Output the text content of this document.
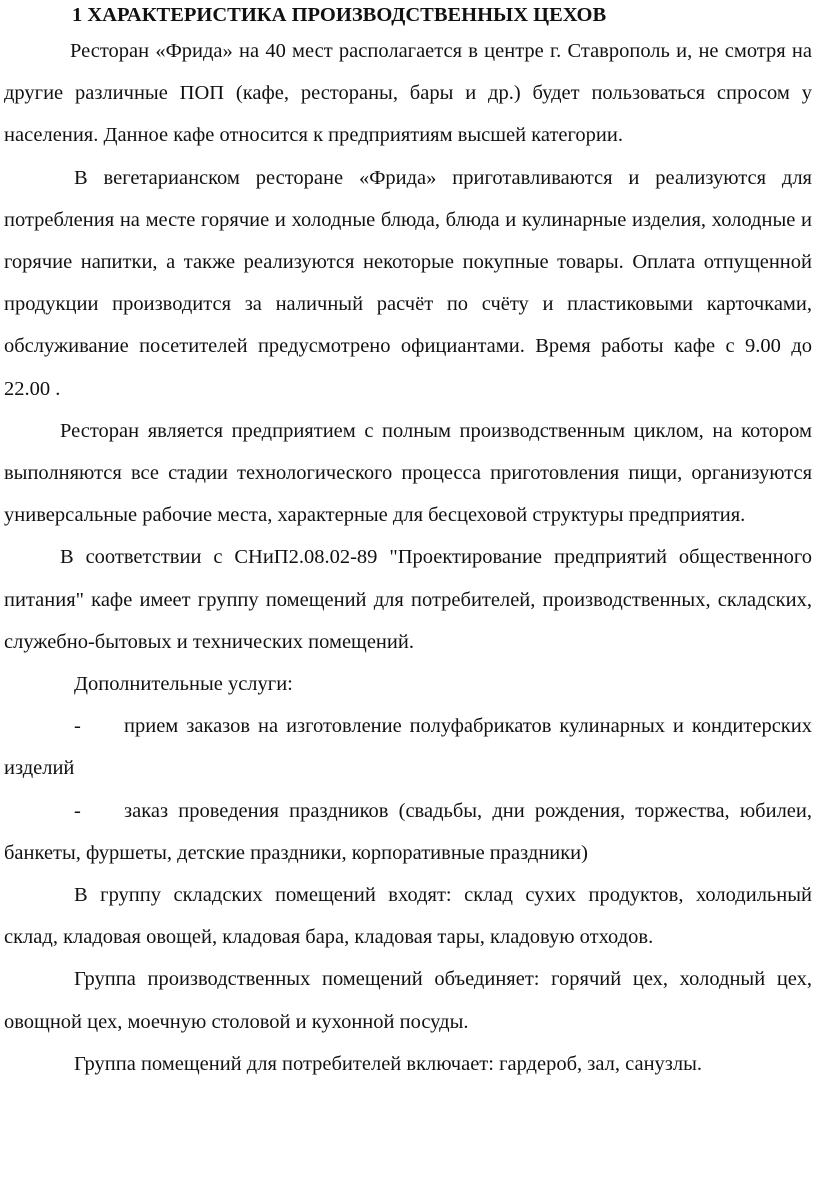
1 ХАРАКТЕРИСТИКА ПРОИЗВОДСТВЕННЫХ ЦЕХОВ

Ресторан «Фрида» на 40 мест располагается в центре г. Ставрополь и, не смотря на другие различные ПОП (кафе, рестораны, бары и др.) будет пользоваться спросом у населения. Данное кафе относится к предприятиям высшей категории.

В вегетарианском ресторане «Фрида» приготавливаются и реализуются для потребления на месте горячие и холодные блюда, блюда и кулинарные изделия, холодные и горячие напитки, а также реализуются некоторые покупные товары. Оплата отпущенной продукции производится за наличный расчёт по счёту и пластиковыми карточками, обслуживание посетителей предусмотрено официантами. Время работы кафе с 9.00 до 22.00 .

Ресторан является предприятием с полным производственным циклом, на котором выполняются все стадии технологического процесса приготовления пищи, организуются универсальные рабочие места, характерные для бесцеховой структуры предприятия.

В соответствии с СНиП2.08.02-89 "Проектирование предприятий общественного питания" кафе имеет группу помещений для потребителей, производственных, складских, служебно-бытовых и технических помещений.

Дополнительные услуги:

- прием заказов на изготовление полуфабрикатов кулинарных и кондитерских изделий

- заказ проведения праздников (свадьбы, дни рождения, торжества, юбилеи, банкеты, фуршеты, детские праздники, корпоративные праздники)

В группу складских помещений входят: склад сухих продуктов, холодильный склад, кладовая овощей, кладовая бара, кладовая тары, кладовую отходов.

Группа производственных помещений объединяет: горячий цех, холодный цех, овощной цех, моечную столовой и кухонной посуды.

Группа помещений для потребителей включает: гардероб, зал, санузлы.
